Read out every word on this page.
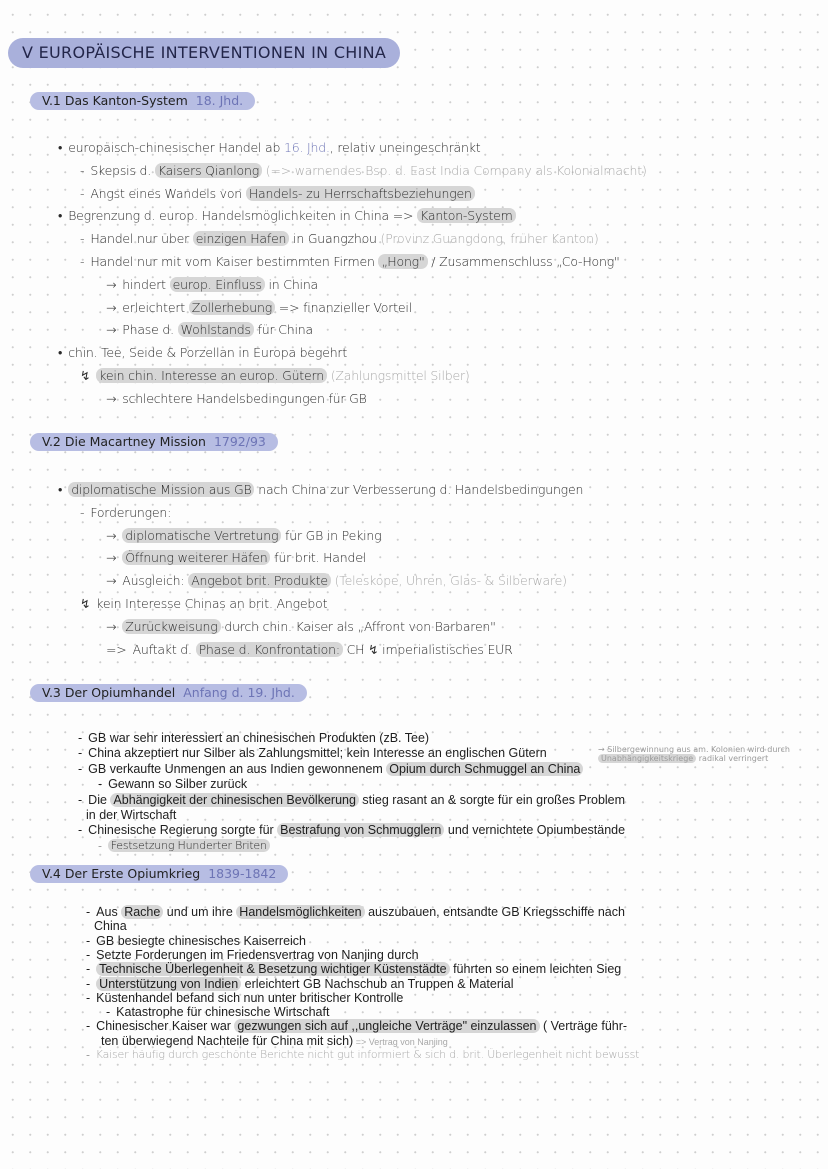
V EUROPÄISCHE INTERVENTIONEN IN CHINA
V.1 Das Kanton-System 18. Jhd.
V.2 Die Macartney Mission 1792/93
V.3 Der Opiumhandel Anfang d. 19. Jhd.
V.4 Der Erste Opiumkrieg 1839-1842
• europäisch-chinesischer Handel ab 16. Jhd., relativ uneingeschränkt
- Skepsis d. Kaisers Qianlong (=> warnendes Bsp. d. East India Company als Kolonialmacht)
- Angst eines Wandels von Handels- zu Herrschaftsbeziehungen
• Begrenzung d. europ. Handelsmöglichkeiten in China => Kanton-System
- Handel nur über einzigen Hafen in Guangzhou (Provinz Guangdong, früher Kanton)
- Handel nur mit vom Kaiser bestimmten Firmen „Hong" / Zusammenschluss „Co-Hong"
→ hindert europ. Einfluss in China
→ erleichtert Zollerhebung => finanzieller Vorteil
→ Phase d. Wohlstands für China
• chin. Tee, Seide & Porzellan in Europa begehrt
↯ kein chin. Interesse an europ. Gütern (Zahlungsmittel Silber)
→ schlechtere Handelsbedingungen für GB
• diplomatische Mission aus GB nach China zur Verbesserung d. Handelsbedingungen
- Forderungen:
→ diplomatische Vertretung für GB in Peking
→ Öffnung weiterer Häfen für brit. Handel
→ Ausgleich: Angebot brit. Produkte (Teleskope, Uhren, Glas- & Silberware)
↯ kein Interesse Chinas an brit. Angebot
→ Zurückweisung durch chin. Kaiser als „Affront von Barbaren"
=> Auftakt d. Phase d. Konfrontation: CH ↯ imperialistisches EUR
- GB war sehr interessiert an chinesischen Produkten (zB. Tee)
- China akzeptiert nur Silber als Zahlungsmittel; kein Interesse an englischen Gütern
- GB verkaufte Unmengen an aus Indien gewonnenem Opium durch Schmuggel an China
- Gewann so Silber zurück
- Die Abhängigkeit der chinesischen Bevölkerung stieg rasant an & sorgte für ein großes Problem
in der Wirtschaft
- Chinesische Regierung sorgte für Bestrafung von Schmugglern und vernichtete Opiumbestände
- Festsetzung Hunderter Briten
- Aus Rache und um ihre Handelsmöglichkeiten auszubauen, entsandte GB Kriegsschiffe nach
China
- GB besiegte chinesisches Kaiserreich
- Setzte Forderungen im Friedensvertrag von Nanjing durch
- Technische Überlegenheit & Besetzung wichtiger Küstenstädte führten so einem leichten Sieg
- Unterstützung von Indien erleichtert GB Nachschub an Truppen & Material
- Küstenhandel befand sich nun unter britischer Kontrolle
- Katastrophe für chinesische Wirtschaft
- Chinesischer Kaiser war gezwungen sich auf ,,ungleiche Verträge" einzulassen ( Verträge führ-
ten überwiegend Nachteile für China mit sich) => Vertrag von Nanjing
- Kaiser häufig durch geschönte Berichte nicht gut informiert & sich d. brit. Überlegenheit nicht bewusst
→ Silbergewinnung aus am. Kolonien wird durch Unabhängigkeitskriege radikal verringert
